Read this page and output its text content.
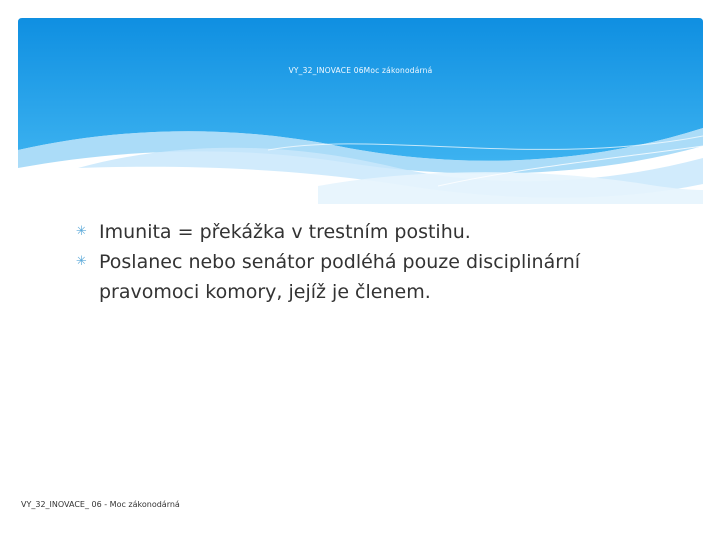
VY_32_INOVACE 06Moc zákonodárná
✳ Imunita = překážka v trestním postihu.
✳ Poslanec nebo senátor podléhá pouze disciplinární pravomoci komory, jejíž je členem.
VY_32_INOVACE_ 06 - Moc zákonodárná
